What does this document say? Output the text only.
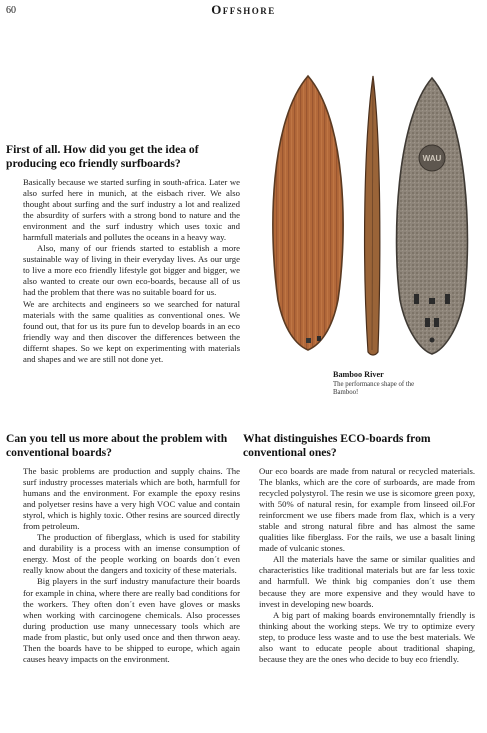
60	Offshore
WAU
Bamboo River
The performance shape of the Bamboo!
First of all. How did you get the idea of producing eco friendly surfboards?

Basically because we started surfing in south-africa. Later we also surfed here in munich, at the eisbach river. We also thought about surfing and the surf industry a lot and realized the absurdity of surfers with a strong bond to nature and the environment and the surf industry which uses toxic and harmfull materials and pollutes the oceans in a heavy way.

Also, many of our friends started to establish a more sustainable way of living in their everyday lives. As our urge to live a more eco friendly lifestyle got bigger and bigger, we also wanted to create our own eco-boards, because all of us had the problem that there was no suitable board for us.

We are architects and engineers so we searched for natural materials with the same qualities as conventional ones. We found out, that for us its pure fun to develop boards in an eco friendly way and then discover the differences between the differnt shapes. So we kept on experimenting with materials and shapes and we are still not done yet.

Can you tell us more about the problem with conventional boards?

The basic problems are production and supply chains. The surf industry processes materials which are both, harmfull for humans and the environment. For example the epoxy resins and polyetser resins have a very high VOC value and contain styrol, which is highly toxic. Other resins are sourced directly from petroleum.

The production of fiberglass, which is used for stability and durability is a process with an imense consumption of energy. Most of the people working on boards don´t even really know about the dangers and toxicity of these materials.

Big players in the surf industry manufacture their boards for example in china, where there are really bad conditions for the workers. They often don´t even have gloves or masks when working with carcinogene chemicals. Also processes during production use many unnecessary tools which are made from plastic, but only used once and then thrwon aeay. Then the boards have to be shipped to europe, which again causes heavy impacts on the environment.

What distinguishes ECO-boards from conventional ones?

Our eco boards are made from natural or recycled materials. The blanks, which are the core of surboards, are made from recycled polystyrol. The resin we use is sicomore green poxy, with 50% of natural resin, for example from linseed oil.For reinforcment we use fibers made from flax, which is a very stable and strong natural fibre and has almost the same qualities like fiberglass. For the rails, we use a basalt lining made of vulcanic stones.

All the materials have the same or similar qualities and characteristics like traditional materials but are far less toxic and harmfull. We think big companies don´t use them because they are more expensive and they would have to invest in developing new boards.

A big part of making boards environemntally friendly is thinking about the working steps. We try to optimize every step, to produce less waste and to use the best materials. We also want to educate people about traditional shaping, because they are the ones who decide to buy eco friendly.
